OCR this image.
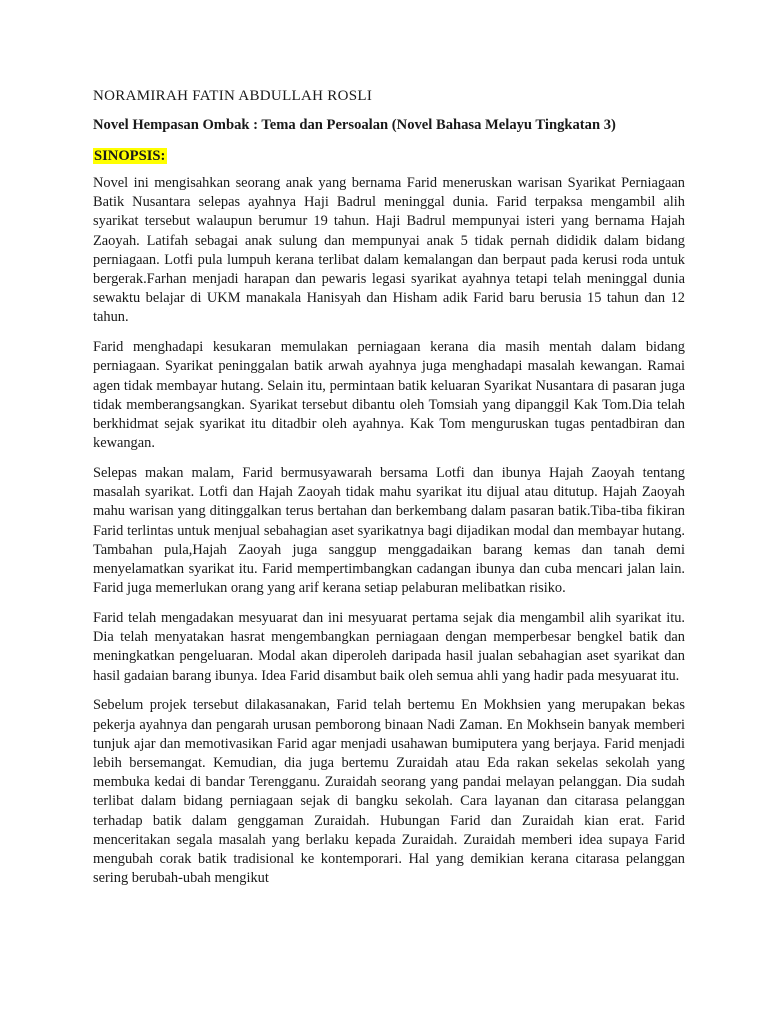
NORAMIRAH FATIN ABDULLAH ROSLI

Novel Hempasan Ombak : Tema dan Persoalan (Novel Bahasa Melayu Tingkatan 3)

SINOPSIS:

Novel ini mengisahkan seorang anak yang bernama Farid meneruskan warisan Syarikat Perniagaan Batik Nusantara selepas ayahnya Haji Badrul meninggal dunia. Farid terpaksa mengambil alih syarikat tersebut walaupun berumur 19 tahun. Haji Badrul mempunyai isteri yang bernama Hajah Zaoyah. Latifah sebagai anak sulung dan mempunyai anak 5 tidak pernah dididik dalam bidang perniagaan. Lotfi pula lumpuh kerana terlibat dalam kemalangan dan berpaut pada kerusi roda untuk bergerak.Farhan menjadi harapan dan pewaris legasi syarikat ayahnya tetapi telah meninggal dunia sewaktu belajar di UKM manakala Hanisyah dan Hisham adik Farid baru berusia 15 tahun dan 12 tahun.

Farid menghadapi kesukaran memulakan perniagaan kerana dia masih mentah dalam bidang perniagaan. Syarikat peninggalan batik arwah ayahnya juga menghadapi masalah kewangan. Ramai agen tidak membayar hutang. Selain itu, permintaan batik keluaran Syarikat Nusantara di pasaran juga tidak memberangsangkan. Syarikat tersebut dibantu oleh Tomsiah yang dipanggil Kak Tom.Dia telah berkhidmat sejak syarikat itu ditadbir oleh ayahnya. Kak Tom menguruskan tugas pentadbiran dan kewangan.

Selepas makan malam, Farid bermusyawarah bersama Lotfi dan ibunya Hajah Zaoyah tentang masalah syarikat. Lotfi dan Hajah Zaoyah tidak mahu syarikat itu dijual atau ditutup. Hajah Zaoyah mahu warisan yang ditinggalkan terus bertahan dan berkembang dalam pasaran batik.Tiba-tiba fikiran Farid terlintas untuk menjual sebahagian aset syarikatnya bagi dijadikan modal dan membayar hutang. Tambahan pula,Hajah Zaoyah juga sanggup menggadaikan barang kemas dan tanah demi menyelamatkan syarikat itu. Farid mempertimbangkan cadangan ibunya dan cuba mencari jalan lain. Farid juga memerlukan orang yang arif kerana setiap pelaburan melibatkan risiko.

Farid telah mengadakan mesyuarat dan ini mesyuarat pertama sejak dia mengambil alih syarikat itu. Dia telah menyatakan hasrat mengembangkan perniagaan dengan memperbesar bengkel batik dan meningkatkan pengeluaran. Modal akan diperoleh daripada hasil jualan sebahagian aset syarikat dan hasil gadaian barang ibunya. Idea Farid disambut baik oleh semua ahli yang hadir pada mesyuarat itu.

Sebelum projek tersebut dilakasanakan, Farid telah bertemu En Mokhsien yang merupakan bekas pekerja ayahnya dan pengarah urusan pemborong binaan Nadi Zaman. En Mokhsein banyak memberi tunjuk ajar dan memotivasikan Farid agar menjadi usahawan bumiputera yang berjaya. Farid menjadi lebih bersemangat. Kemudian, dia juga bertemu Zuraidah atau Eda rakan sekelas sekolah yang membuka kedai di bandar Terengganu. Zuraidah seorang yang pandai melayan pelanggan. Dia sudah terlibat dalam bidang perniagaan sejak di bangku sekolah. Cara layanan dan citarasa pelanggan terhadap batik dalam genggaman Zuraidah. Hubungan Farid dan Zuraidah kian erat. Farid menceritakan segala masalah yang berlaku kepada Zuraidah. Zuraidah memberi idea supaya Farid mengubah corak batik tradisional ke kontemporari. Hal yang demikian kerana citarasa pelanggan sering berubah-ubah mengikut
